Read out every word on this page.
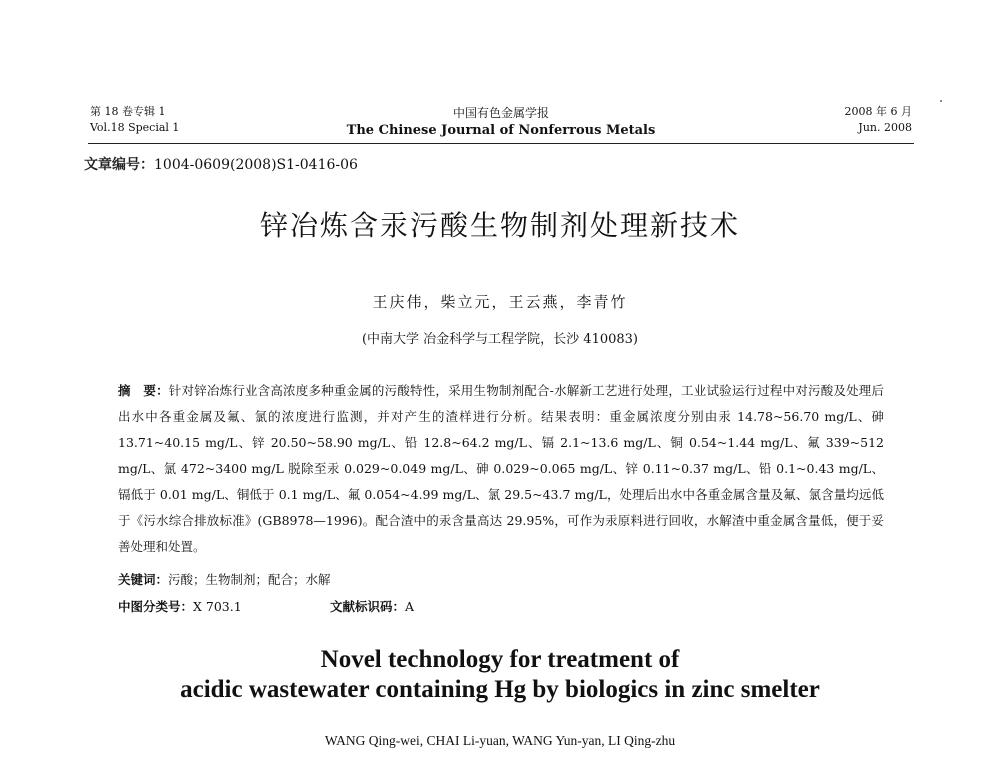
第 18 卷专辑 1
Vol.18 Special 1
中国有色金属学报
The Chinese Journal of Nonferrous Metals
2008 年 6 月
Jun. 2008
文章编号：1004-0609(2008)S1-0416-06
锌冶炼含汞污酸生物制剂处理新技术
王庆伟，柴立元，王云燕，李青竹
(中南大学 冶金科学与工程学院，长沙 410083)
摘　要：针对锌冶炼行业含高浓度多种重金属的污酸特性，采用生物制剂配合-水解新工艺进行处理，工业试验运行过程中对污酸及处理后出水中各重金属及氟、氯的浓度进行监测，并对产生的渣样进行分析。结果表明：重金属浓度分别由汞 14.78~56.70 mg/L、砷 13.71~40.15 mg/L、锌 20.50~58.90 mg/L、铅 12.8~64.2 mg/L、镉 2.1~13.6 mg/L、铜 0.54~1.44 mg/L、氟 339~512 mg/L、氯 472~3400 mg/L 脱除至汞 0.029~0.049 mg/L、砷 0.029~0.065 mg/L、锌 0.11~0.37 mg/L、铅 0.1~0.43 mg/L、镉低于 0.01 mg/L、铜低于 0.1 mg/L、氟 0.054~4.99 mg/L、氯 29.5~43.7 mg/L，处理后出水中各重金属含量及氟、氯含量均远低于《污水综合排放标准》(GB8978—1996)。配合渣中的汞含量高达 29.95%，可作为汞原料进行回收，水解渣中重金属含量低，便于妥善处理和处置。
关键词：污酸；生物制剂；配合；水解
中图分类号：X 703.1	文献标识码：A
Novel technology for treatment of
acidic wastewater containing Hg by biologics in zinc smelter
WANG Qing-wei, CHAI Li-yuan, WANG Yun-yan, LI Qing-zhu
